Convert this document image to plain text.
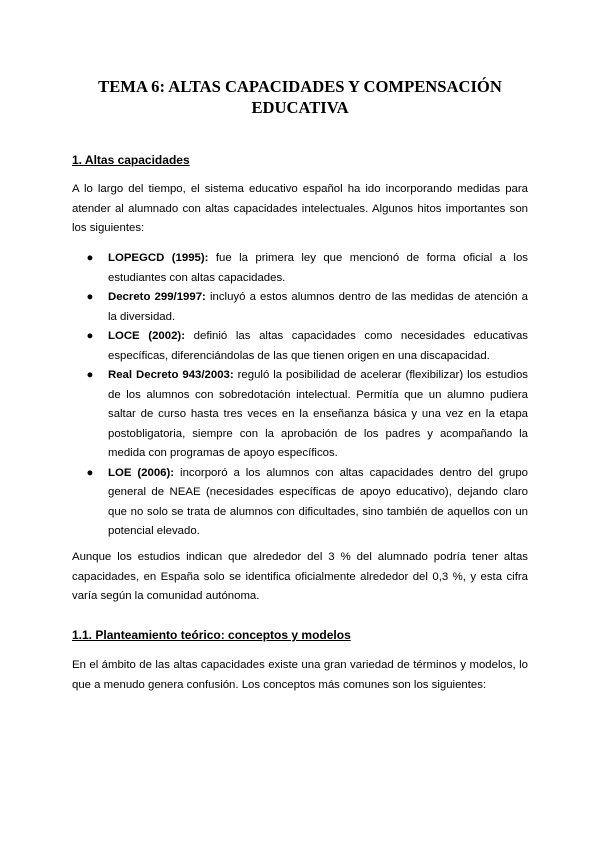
TEMA 6: ALTAS CAPACIDADES Y COMPENSACIÓN
EDUCATIVA
1. Altas capacidades
A lo largo del tiempo, el sistema educativo español ha ido incorporando medidas para atender al alumnado con altas capacidades intelectuales. Algunos hitos importantes son los siguientes:
● LOPEGCD (1995): fue la primera ley que mencionó de forma oficial a los estudiantes con altas capacidades.
● Decreto 299/1997: incluyó a estos alumnos dentro de las medidas de atención a la diversidad.
● LOCE (2002): definió las altas capacidades como necesidades educativas específicas, diferenciándolas de las que tienen origen en una discapacidad.
● Real Decreto 943/2003: reguló la posibilidad de acelerar (flexibilizar) los estudios de los alumnos con sobredotación intelectual. Permitía que un alumno pudiera saltar de curso hasta tres veces en la enseñanza básica y una vez en la etapa postobligatoria, siempre con la aprobación de los padres y acompañando la medida con programas de apoyo específicos.
● LOE (2006): incorporó a los alumnos con altas capacidades dentro del grupo general de NEAE (necesidades específicas de apoyo educativo), dejando claro que no solo se trata de alumnos con dificultades, sino también de aquellos con un potencial elevado.
Aunque los estudios indican que alrededor del 3 % del alumnado podría tener altas capacidades, en España solo se identifica oficialmente alrededor del 0,3 %, y esta cifra varía según la comunidad autónoma.
1.1. Planteamiento teórico: conceptos y modelos
En el ámbito de las altas capacidades existe una gran variedad de términos y modelos, lo que a menudo genera confusión. Los conceptos más comunes son los siguientes:
